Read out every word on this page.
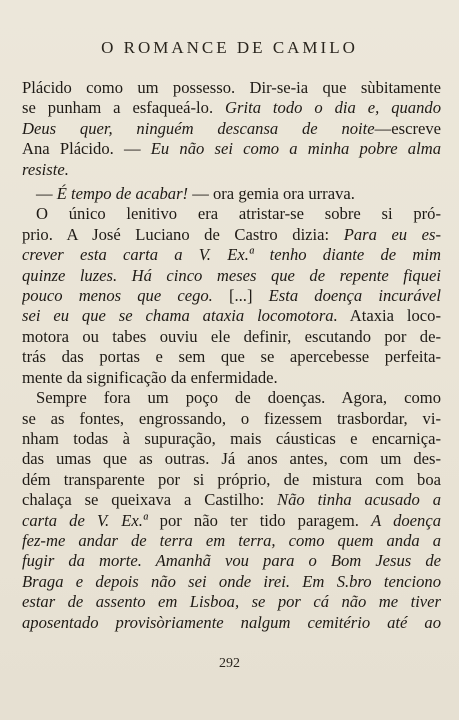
O ROMANCE DE CAMILO
Plácido como um possesso. Dir-se-ia que sùbitamente
se punham a esfaqueá-lo. Grita todo o dia e, quando
Deus quer, ninguém descansa de noite—escreve
Ana Plácido. — Eu não sei como a minha pobre alma
resiste.
— É tempo de acabar! — ora gemia ora urrava.
O único lenitivo era atristar-se sobre si pró-
prio. A José Luciano de Castro dizia: Para eu es-
crever esta carta a V. Ex.ª tenho diante de mim
quinze luzes. Há cinco meses que de repente fiquei
pouco menos que cego. [...] Esta doença incurável
sei eu que se chama ataxia locomotora. Ataxia loco-
motora ou tabes ouviu ele definir, escutando por de-
trás das portas e sem que se apercebesse perfeita-
mente da significação da enfermidade.
Sempre fora um poço de doenças. Agora, como
se as fontes, engrossando, o fizessem trasbordar, vi-
nham todas à supuração, mais cáusticas e encarniça-
das umas que as outras. Já anos antes, com um des-
dém transparente por si próprio, de mistura com boa
chalaça se queixava a Castilho: Não tinha acusado a
carta de V. Ex.ª por não ter tido paragem. A doença
fez-me andar de terra em terra, como quem anda a
fugir da morte. Amanhã vou para o Bom Jesus de
Braga e depois não sei onde irei. Em S.bro tenciono
estar de assento em Lisboa, se por cá não me tiver
aposentado provisòriamente nalgum cemitério até ao
292
